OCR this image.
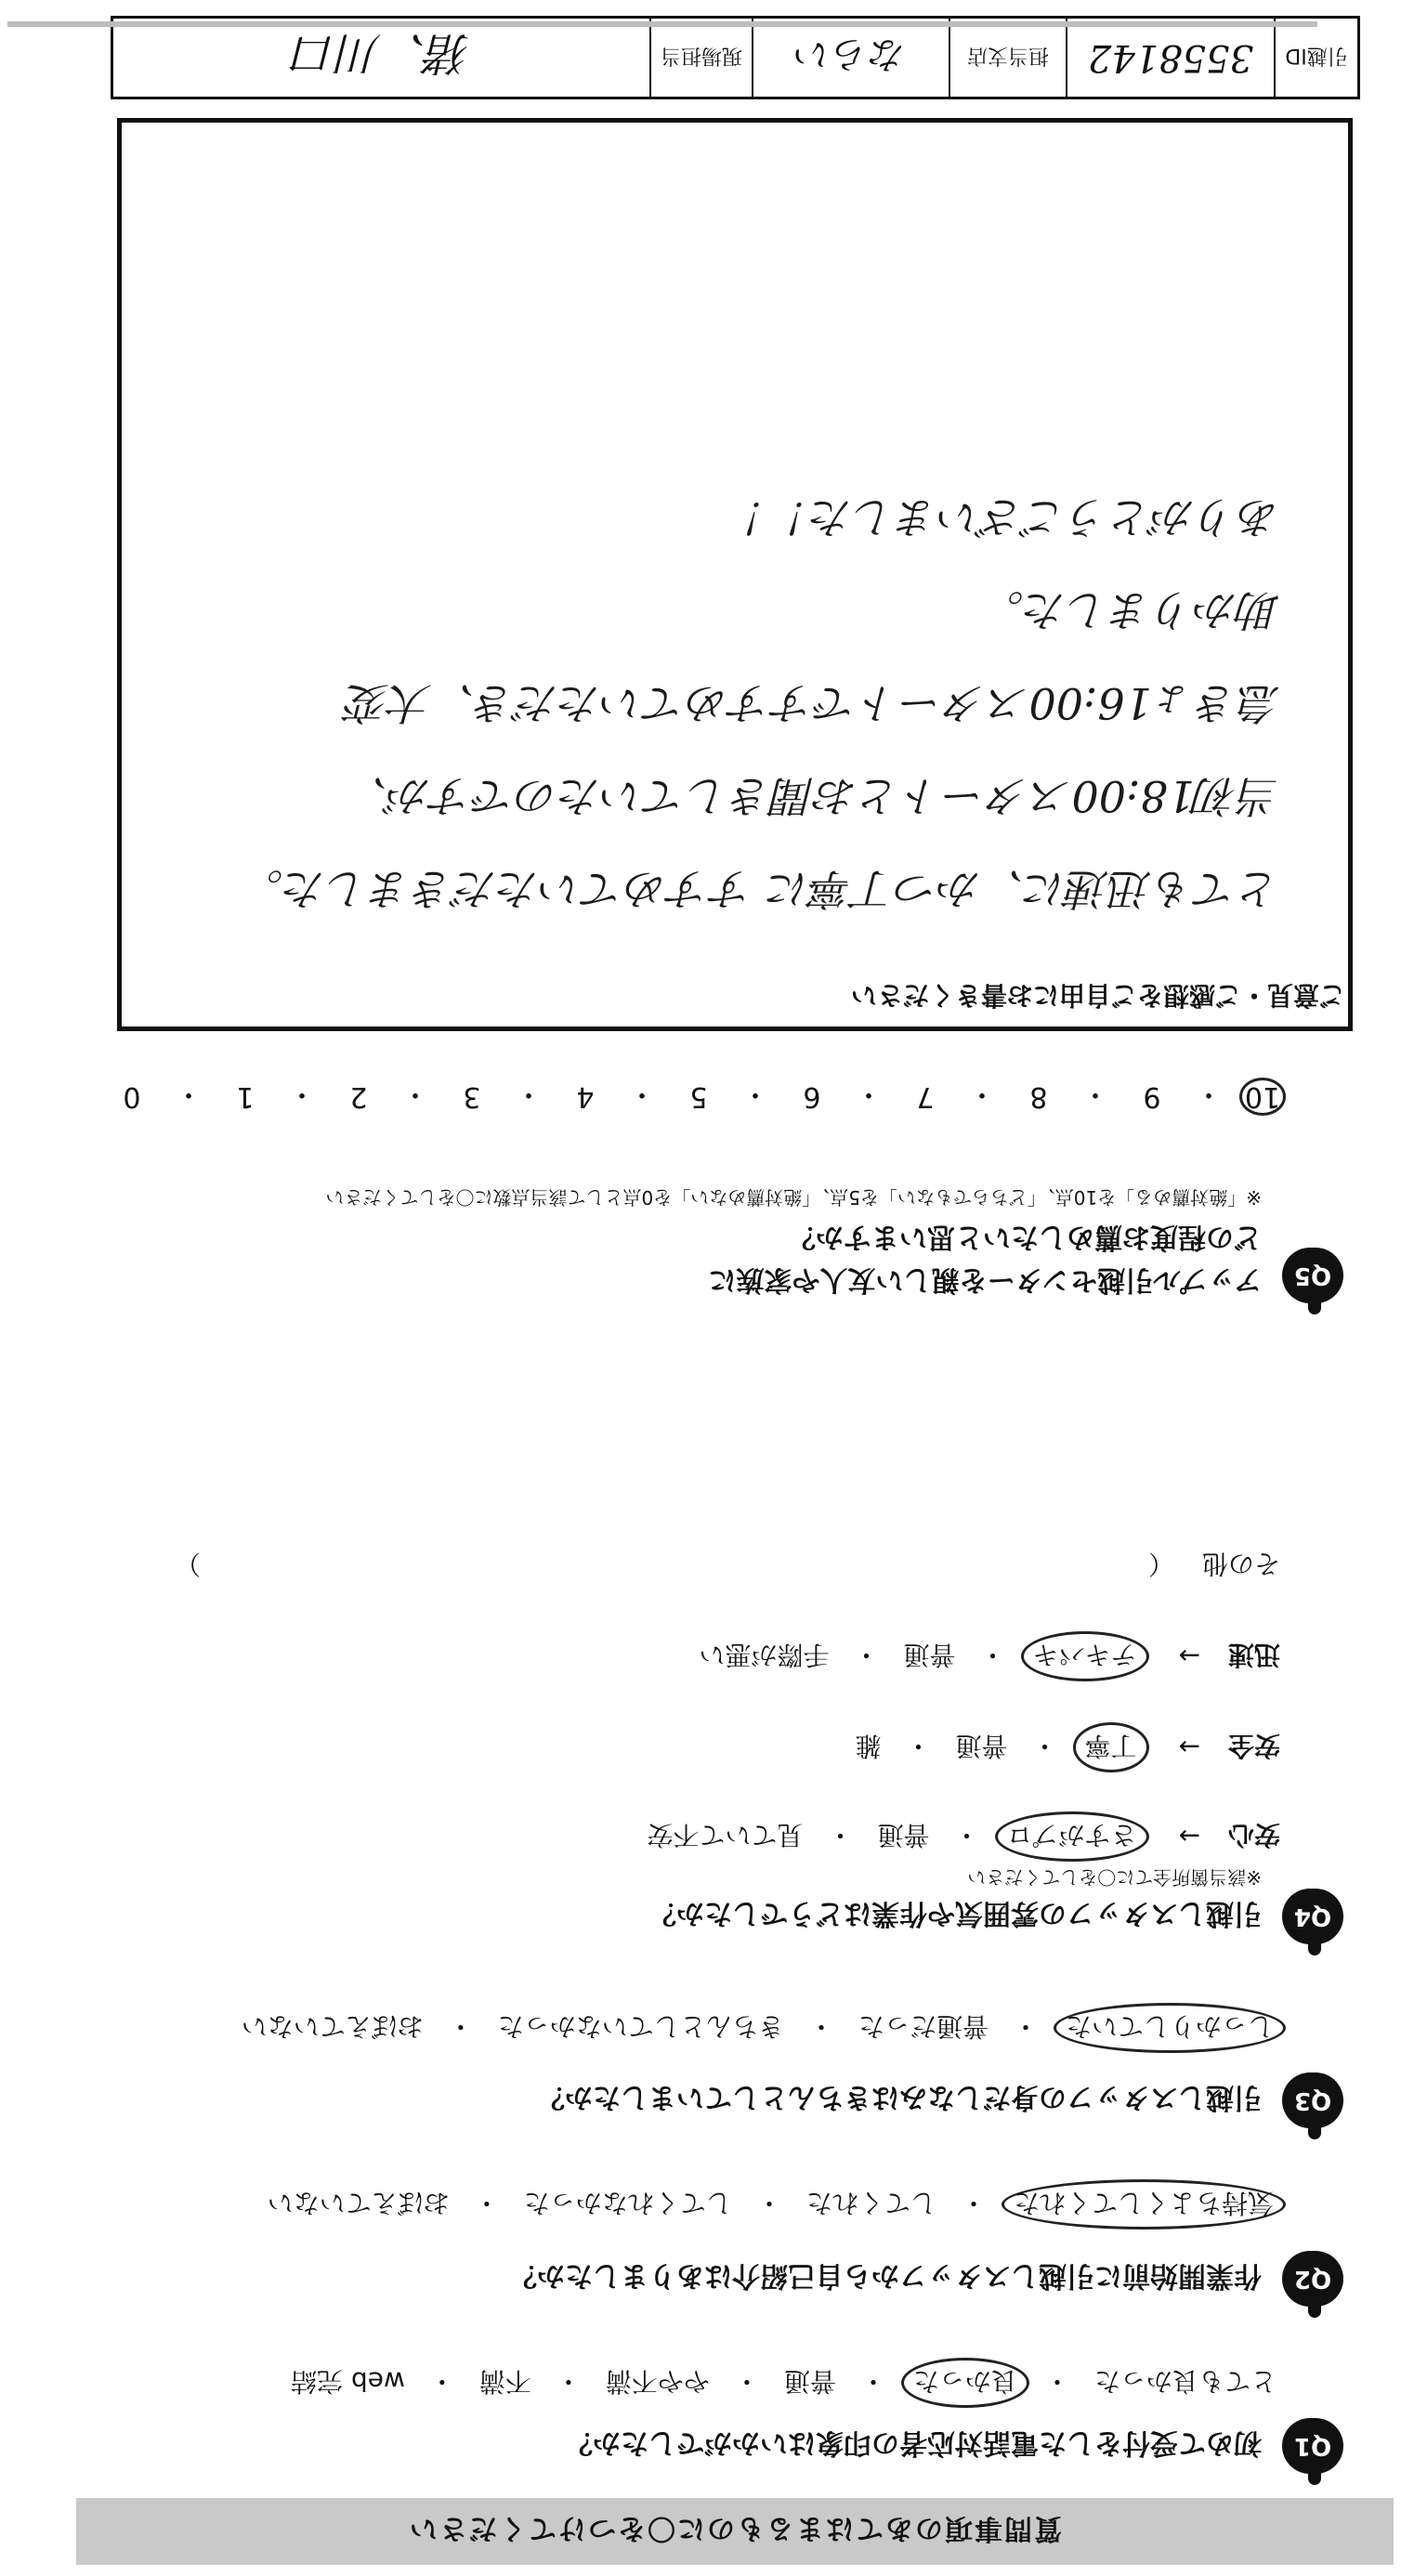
質問事項のあてはまるものに〇をつけてください
Q1
初めて受付をした電話対応者の印象はいかがでしたか？
とても良かった
・
良かった
・
普通
・
やや不満
・
不満
・
web 完結
Q2
作業開始前に引越しスタッフから自己紹介はありましたか？
気持ちよくしてくれた
・
してくれた
・
してくれなかった
・
おぼえていない
Q3
引越しスタッフの身だしなみはきちんとしていましたか？
しっかりしていた
・
普通だった
・
きちんとしていなかった
・
おぼえていない
Q4
引越しスタッフの雰囲気や作業はどうでしたか？
※該当箇所全てに〇をしてください
安心
→
さすがプロ
・
普通
・
見ていて不安
安全
→
丁寧
・
普通
・
雑
迅速
→
テキパキ
・
普通
・
手際が悪い
その他
（
）
Q5
アップル引越センターを親しい友人や家族に
どの程度お薦めしたいと思いますか？
※「絶対薦める」を10点、「どちらでもない」を5点、「絶対薦めない」を0点として該当点数に〇をしてください
10
・
9
・
8
・
7
・
6
・
5
・
4
・
3
・
2
・
1
・
0
ご意見・ご感想をご自由にお書きください
とても迅速に、かつ丁寧に すすめていただきました。
当初18:00スタートとお聞きしていたのですが、
急きょ16:00スタートですすめていただき、大変
助かりました。
ありがとうございました！！
引越ID
3558142
担当支店
ならい
現場担当
猪、川口
